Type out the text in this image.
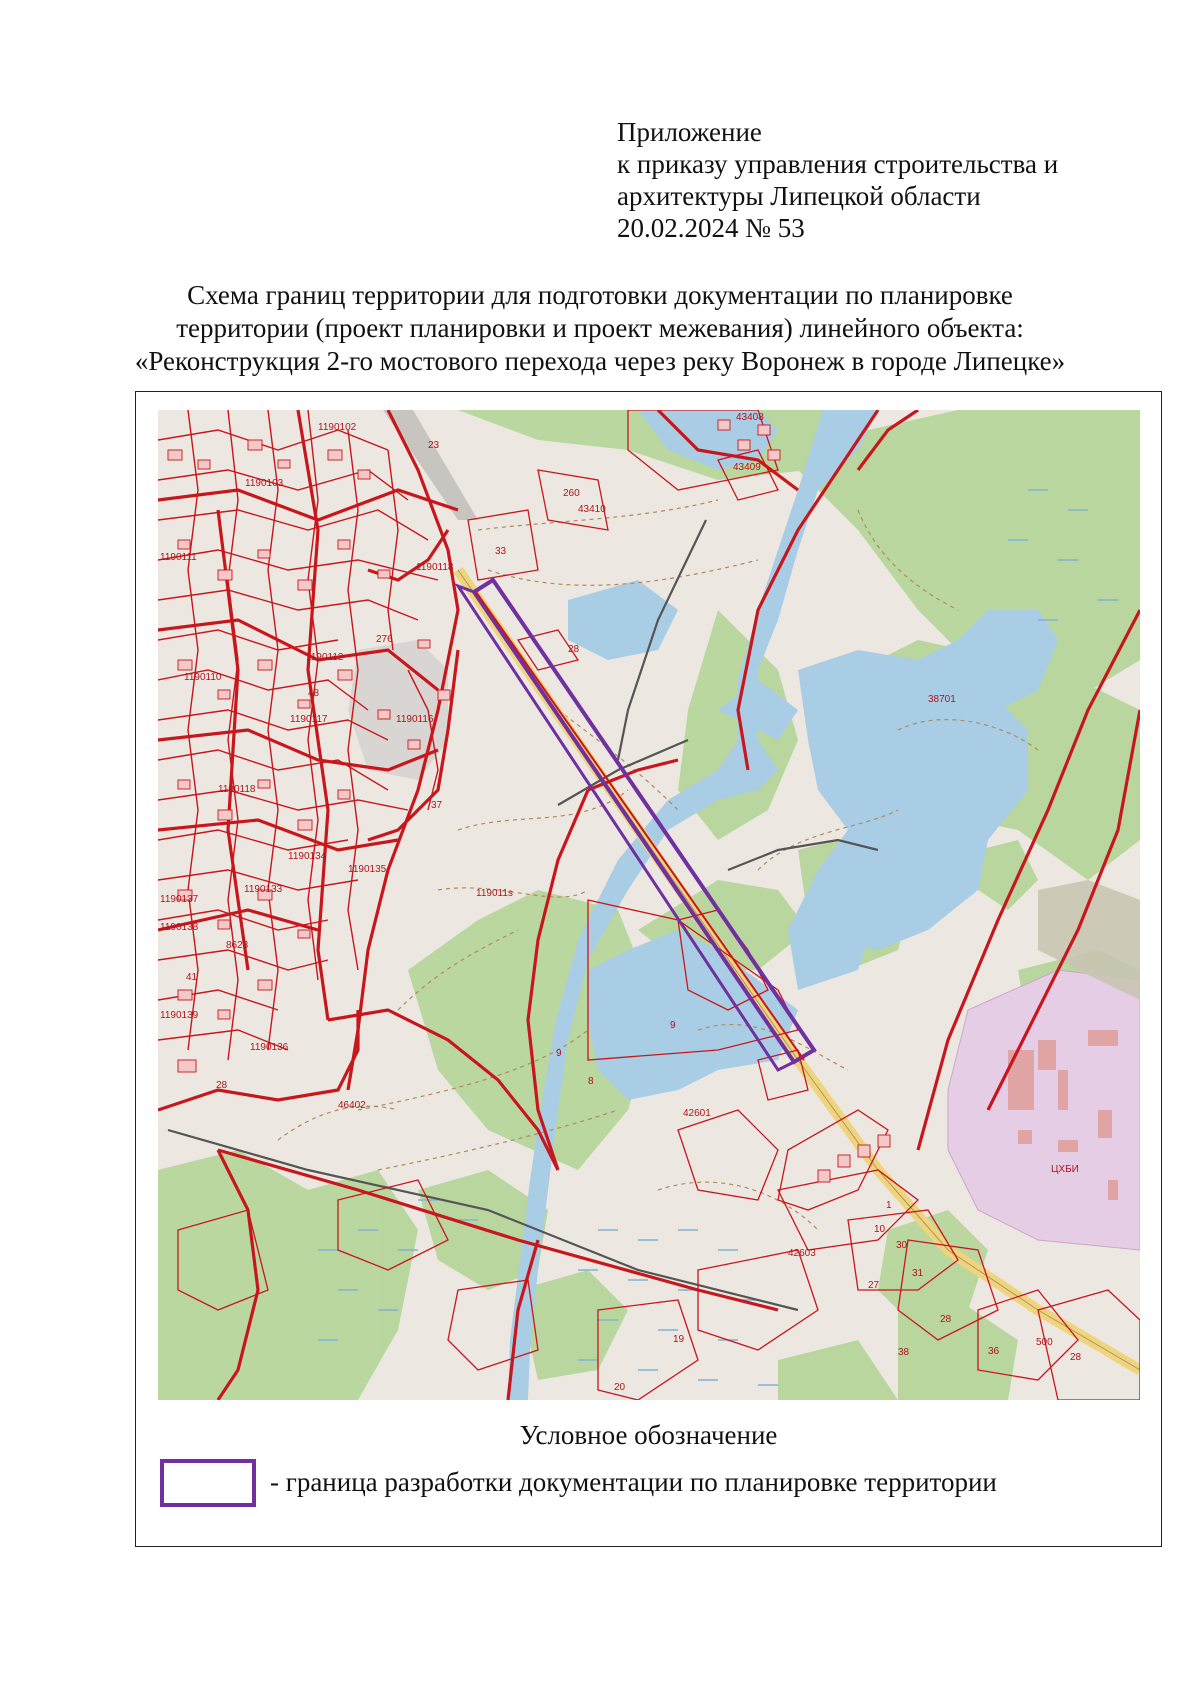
Приложение
к приказу управления строительства и
архитектуры Липецкой области
20.02.2024 № 53
Схема границ территории для подготовки документации по планировке
территории (проект планировки и проект межевания) линейного объекта:
«Реконструкция 2-го мостового перехода через реку Воронеж в городе Липецке»
1190102
23
43408
43409
1190103
260
43410
33
1190111
1190118
28
1190112
276
1190110
48
1190117	1190116
38701
1190118
37
1190134
1190135
1190133	119011s
1190137
1190138
8623
41
1190139
1190136
9
28
46402
42601
8
ЦХБИ
42603
10
30
31
27
28
19
38	36
500
28
20
1
9
Условное обозначение
- граница разработки документации по планировке территории
